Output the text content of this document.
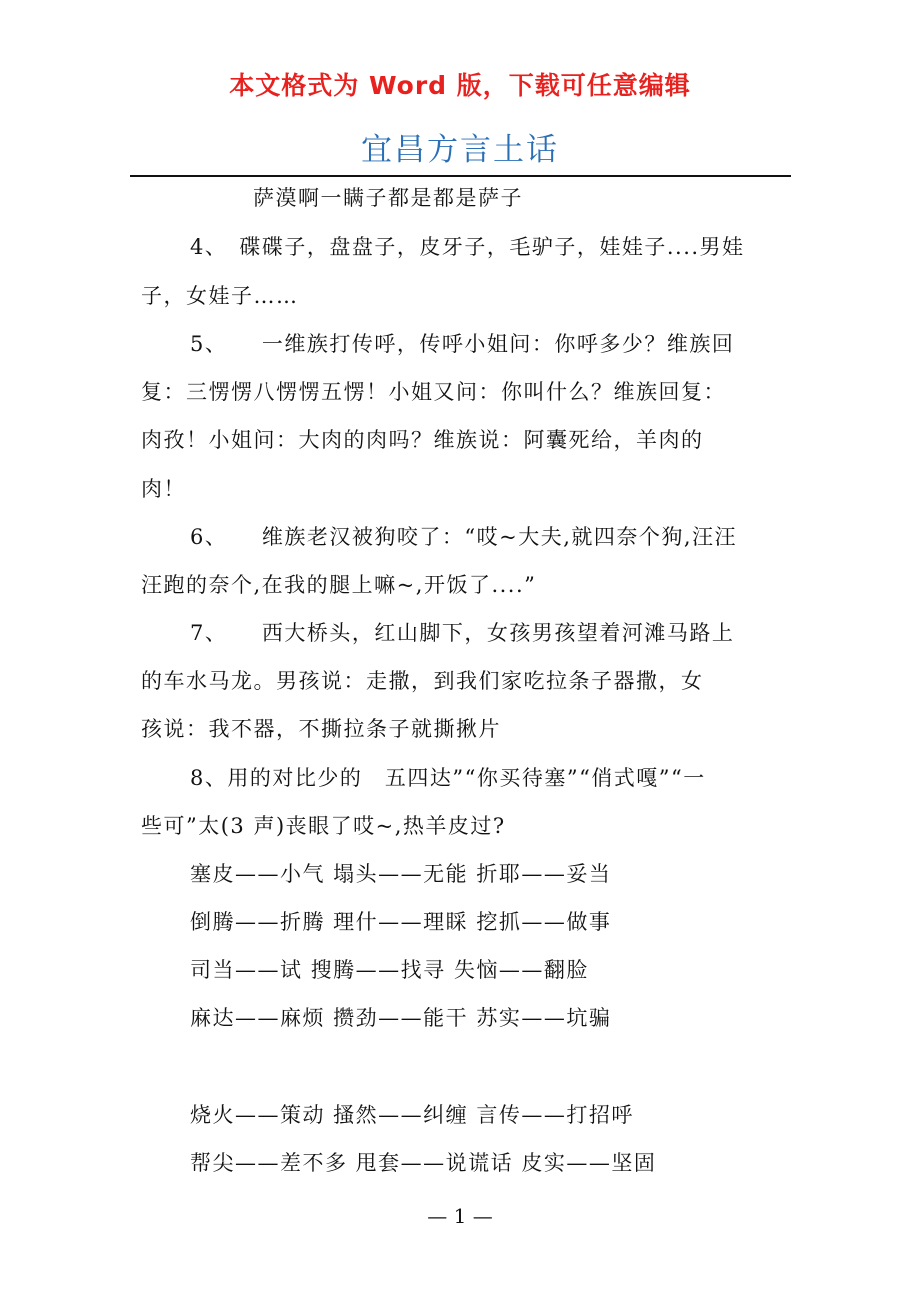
本文格式为 Word 版，下载可任意编辑
宜昌方言土话
萨漠啊一瞒子都是都是萨子
4、　碟碟子，盘盘子，皮牙子，毛驴子，娃娃子....男娃
子，女娃子……
5、　　一维族打传呼，传呼小姐问：你呼多少？维族回
复：三愣愣八愣愣五愣！小姐又问：你叫什么？维族回复：
肉孜！小姐问：大肉的肉吗？维族说：阿囊死给，羊肉的
肉！
6、　　维族老汉被狗咬了：“哎~大夫,就四奈个狗,汪汪
汪跑的奈个,在我的腿上嘛~,开饭了....”
7、　　西大桥头，红山脚下，女孩男孩望着河滩马路上
的车水马龙。男孩说：走撒，到我们家吃拉条子器撒，女
孩说：我不器，不撕拉条子就撕揪片
8、用的对比少的　五四达”“你买待塞”“俏式嘎”“一
些可”太(3 声)丧眼了哎~,热羊皮过?
塞皮——小气 塌头——无能 折耶——妥当
倒腾——折腾 理什——理睬 挖抓——做事
司当——试 搜腾——找寻 失恼——翻脸
麻达——麻烦 攒劲——能干 苏实——坑骗
烧火——策动 搔然——纠缠 言传——打招呼
帮尖——差不多 甩套——说谎话 皮实——坚固
— 1 —
